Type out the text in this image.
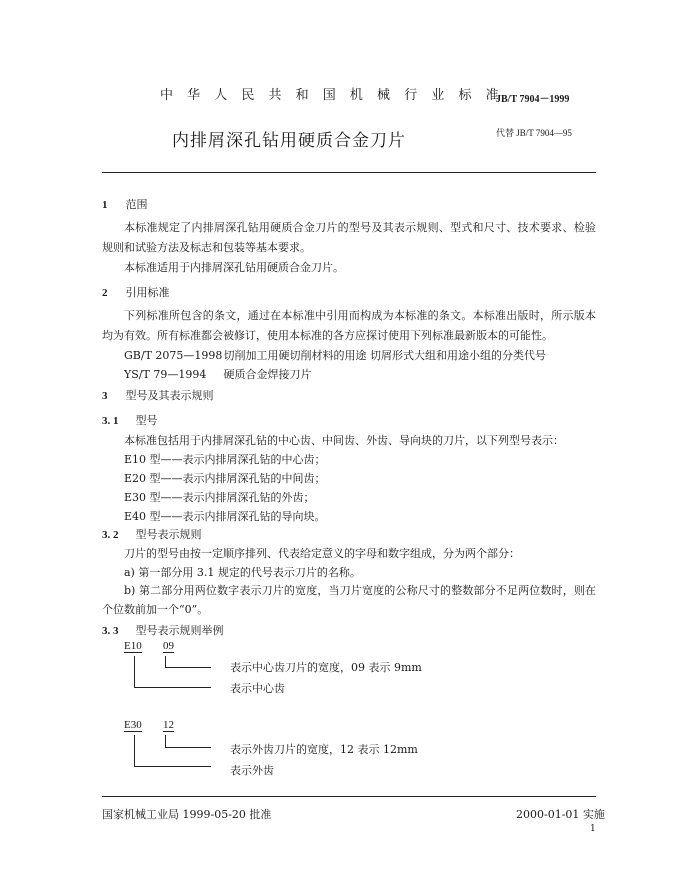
中 华 人 民 共 和 国 机 械 行 业 标 准
JB/T 7904－1999
内排屑深孔钻用硬质合金刀片	代替 JB/T 7904—95
1 范围
本标准规定了内排屑深孔钻用硬质合金刀片的型号及其表示规则、型式和尺寸、技术要求、检验规则和试验方法及标志和包装等基本要求。
本标准适用于内排屑深孔钻用硬质合金刀片。
2 引用标准
下列标准所包含的条文，通过在本标准中引用而构成为本标准的条文。本标准出版时，所示版本均为有效。所有标准都会被修订，使用本标准的各方应探讨使用下列标准最新版本的可能性。
GB/T 2075—1998 切削加工用硬切削材料的用途 切屑形式大组和用途小组的分类代号
YS/T 79—1994 硬质合金焊接刀片
3 型号及其表示规则
3. 1 型号
本标准包括用于内排屑深孔钻的中心齿、中间齿、外齿、导向块的刀片，以下列型号表示：
E10 型——表示内排屑深孔钻的中心齿；
E20 型——表示内排屑深孔钻的中间齿；
E30 型——表示内排屑深孔钻的外齿；
E40 型——表示内排屑深孔钻的导向块。
3. 2 型号表示规则
刀片的型号由按一定顺序排列、代表给定意义的字母和数字组成，分为两个部分：
a) 第一部分用 3.1 规定的代号表示刀片的名称。
b) 第二部分用两位数字表示刀片的宽度，当刀片宽度的公称尺寸的整数部分不足两位数时，则在个位数前加一个“0”。
3. 3 型号表示规则举例
E10 09
表示中心齿刀片的宽度，09 表示 9mm
表示中心齿
E30 12
表示外齿刀片的宽度，12 表示 12mm
表示外齿
国家机械工业局 1999-05-20 批准	2000-01-01 实施
1
